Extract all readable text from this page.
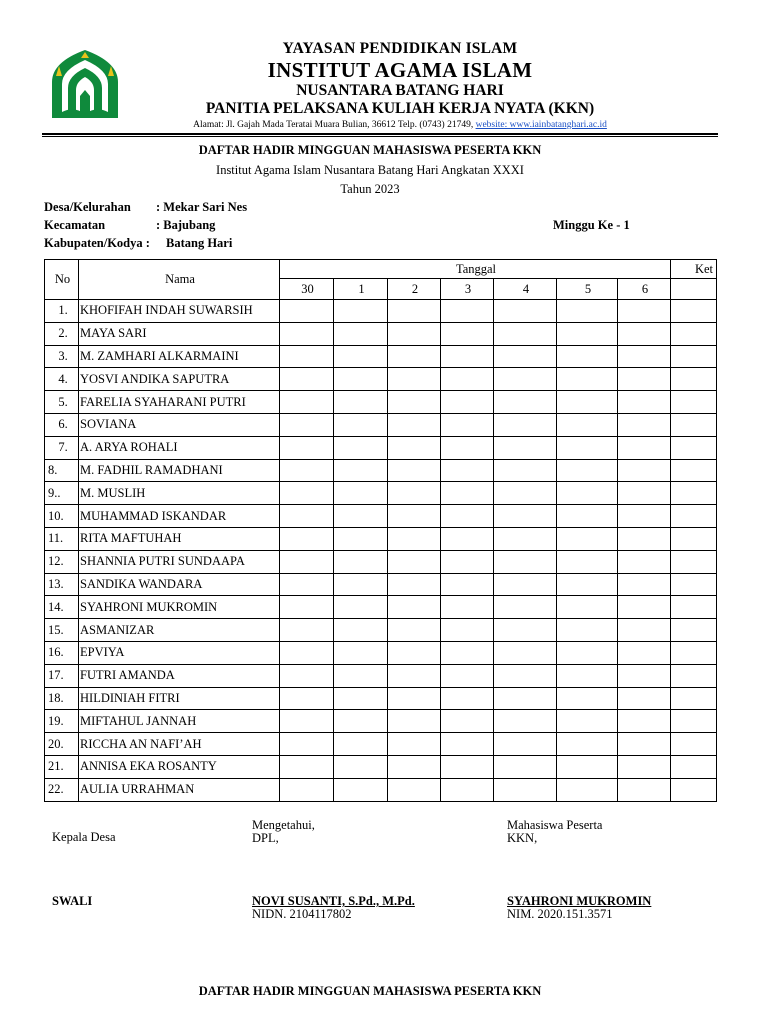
YAYASAN PENDIDIKAN ISLAM
INSTITUT AGAMA ISLAM
NUSANTARA BATANG HARI
PANITIA PELAKSANA KULIAH KERJA NYATA (KKN)
Alamat: Jl. Gajah Mada Teratai Muara Bulian, 36612 Telp. (0743) 21749, website: www.iainbatanghari.ac.id
DAFTAR HADIR MINGGUAN MAHASISWA PESERTA KKN
Institut Agama Islam Nusantara Batang Hari Angkatan XXXI
Tahun 2023
Desa/Kelurahan : Mekar Sari Nes
Kecamatan	: Bajubang	Minggu Ke - 1
Kabupaten/Kodya : Batang Hari
No	Nama	Tanggal							Ket
		30	1	2	3	4	5	6	
1.	KHOFIFAH INDAH SUWARSIH								
2.	MAYA SARI								
3.	M. ZAMHARI ALKARMAINI								
4.	YOSVI ANDIKA SAPUTRA								
5.	FARELIA SYAHARANI PUTRI								
6.	SOVIANA								
7.	A. ARYA ROHALI								
8.	M. FADHIL RAMADHANI								
9..	M. MUSLIH								
10.	MUHAMMAD ISKANDAR								
11.	RITA MAFTUHAH								
12.	SHANNIA PUTRI SUNDAAPA								
13.	SANDIKA WANDARA								
14.	SYAHRONI MUKROMIN								
15.	ASMANIZAR								
16.	EPVIYA								
17.	FUTRI AMANDA								
18.	HILDINIAH FITRI								
19.	MIFTAHUL JANNAH								
20.	RICCHA AN NAFI’AH								
21.	ANNISA EKA ROSANTY								
22.	AULIA URRAHMAN								
Mengetahui,	Mahasiswa Peserta
Kepala Desa	DPL,	KKN,
SWALI	NOVI SUSANTI, S.Pd., M.Pd.	SYAHRONI MUKROMIN
NIDN. 2104117802	NIM. 2020.151.3571
DAFTAR HADIR MINGGUAN MAHASISWA PESERTA KKN
